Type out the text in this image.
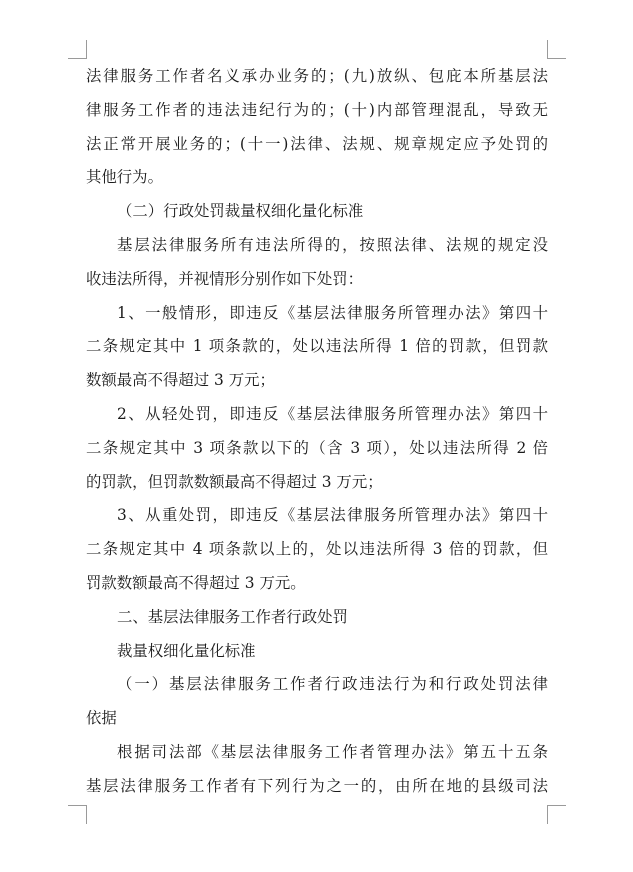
法律服务工作者名义承办业务的；(九)放纵、包庇本所基层法
律服务工作者的违法违纪行为的；(十)内部管理混乱，导致无
法正常开展业务的；(十一)法律、法规、规章规定应予处罚的
其他行为。
（二）行政处罚裁量权细化量化标准
基层法律服务所有违法所得的，按照法律、法规的规定没
收违法所得，并视情形分别作如下处罚：
1、一般情形，即违反《基层法律服务所管理办法》第四十
二条规定其中 1 项条款的，处以违法所得 1 倍的罚款，但罚款
数额最高不得超过 3 万元；
2、从轻处罚，即违反《基层法律服务所管理办法》第四十
二条规定其中 3 项条款以下的（含 3 项），处以违法所得 2 倍
的罚款，但罚款数额最高不得超过 3 万元；
3、从重处罚，即违反《基层法律服务所管理办法》第四十
二条规定其中 4 项条款以上的，处以违法所得 3 倍的罚款，但
罚款数额最高不得超过 3 万元。
二、基层法律服务工作者行政处罚
裁量权细化量化标准
（一）基层法律服务工作者行政违法行为和行政处罚法律
依据
根据司法部《基层法律服务工作者管理办法》第五十五条
基层法律服务工作者有下列行为之一的，由所在地的县级司法
